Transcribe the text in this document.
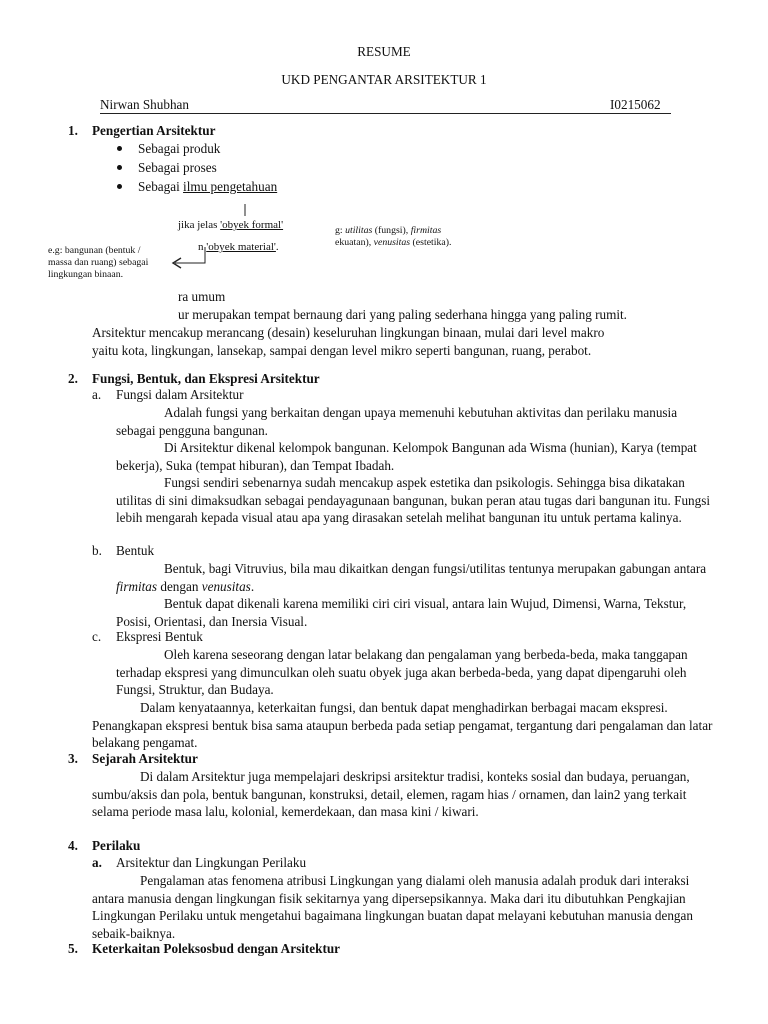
RESUME
UKD PENGANTAR ARSITEKTUR 1
Nirwan Shubhan	I0215062
1. Pengertian Arsitektur
Sebagai produk
Sebagai proses
Sebagai ilmu pengetahuan
jika jelas 'obyek formal'
n 'obyek material'.
e.g: bangunan (bentuk /
massa dan ruang) sebagai
lingkungan binaan.
g: utilitas (fungsi), firmitas
ekuatan), venusitas (estetika).
ra umum
ur merupakan tempat bernaung dari yang paling sederhana hingga yang paling rumit.
Arsitektur mencakup merancang (desain) keseluruhan lingkungan binaan, mulai dari level makro
yaitu kota, lingkungan, lansekap, sampai dengan level mikro seperti bangunan, ruang, perabot.
2. Fungsi, Bentuk, dan Ekspresi Arsitektur
a. Fungsi dalam Arsitektur
Adalah fungsi yang berkaitan dengan upaya memenuhi kebutuhan aktivitas dan perilaku manusia sebagai pengguna bangunan.
Di Arsitektur dikenal kelompok bangunan. Kelompok Bangunan ada Wisma (hunian), Karya (tempat bekerja), Suka (tempat hiburan), dan Tempat Ibadah.
Fungsi sendiri sebenarnya sudah mencakup aspek estetika dan psikologis. Sehingga bisa dikatakan utilitas di sini dimaksudkan sebagai pendayagunaan bangunan, bukan peran atau tugas dari bangunan itu. Fungsi lebih mengarah kepada visual atau apa yang dirasakan setelah melihat bangunan itu untuk pertama kalinya.
b. Bentuk
Bentuk, bagi Vitruvius, bila mau dikaitkan dengan fungsi/utilitas tentunya merupakan gabungan antara firmitas dengan venusitas.
Bentuk dapat dikenali karena memiliki ciri ciri visual, antara lain Wujud, Dimensi, Warna, Tekstur, Posisi, Orientasi, dan Inersia Visual.
c. Ekspresi Bentuk
Oleh karena seseorang dengan latar belakang dan pengalaman yang berbeda-beda, maka tanggapan terhadap ekspresi yang dimunculkan oleh suatu obyek juga akan berbeda-beda, yang dapat dipengaruhi oleh Fungsi, Struktur, dan Budaya.
Dalam kenyataannya, keterkaitan fungsi, dan bentuk dapat menghadirkan berbagai macam ekspresi. Penangkapan ekspresi bentuk bisa sama ataupun berbeda pada setiap pengamat, tergantung dari pengalaman dan latar belakang pengamat.
3. Sejarah Arsitektur
Di dalam Arsitektur juga mempelajari deskripsi arsitektur tradisi, konteks sosial dan budaya, peruangan, sumbu/aksis dan pola, bentuk bangunan, konstruksi, detail, elemen, ragam hias / ornamen, dan lain2 yang terkait selama periode masa lalu, kolonial, kemerdekaan, dan masa kini / kiwari.
4. Perilaku
a. Arsitektur dan Lingkungan Perilaku
Pengalaman atas fenomena atribusi Lingkungan yang dialami oleh manusia adalah produk dari interaksi antara manusia dengan lingkungan fisik sekitarnya yang dipersepsikannya. Maka dari itu dibutuhkan Pengkajian Lingkungan Perilaku untuk mengetahui bagaimana lingkungan buatan dapat melayani kebutuhan manusia dengan sebaik-baiknya.
5. Keterkaitan Poleksosbud dengan Arsitektur
